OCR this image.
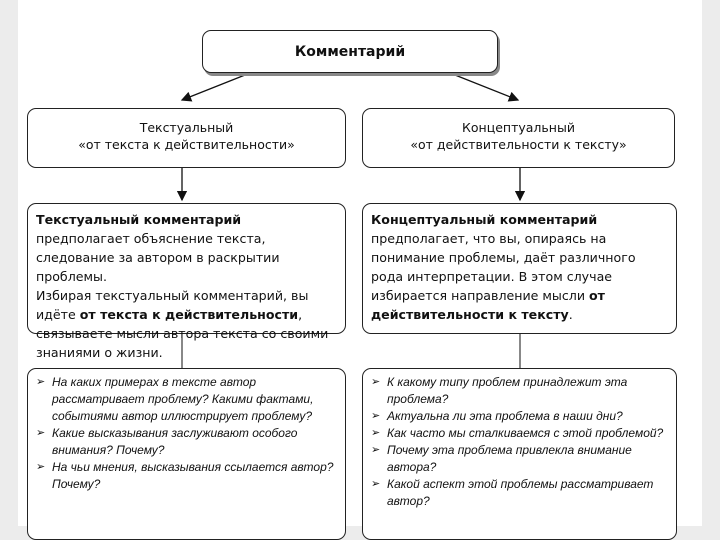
Комментарий
Текстуальный
«от текста к действительности»
Концептуальный
«от действительности к тексту»
Текстуальный комментарий предполагает объяснение текста, следование за автором в раскрытии проблемы.
Избирая текстуальный комментарий, вы идёте от текста к действительности, связываете мысли автора текста со своими знаниями о жизни.
Концептуальный комментарий предполагает, что вы, опираясь на понимание проблемы, даёт различного рода интерпретации. В этом случае избирается направление мысли от действительности к тексту.
➢ На каких примерах в тексте автор рассматривает проблему? Какими фактами, событиями автор иллюстрирует проблему?
➢ Какие высказывания заслуживают особого внимания? Почему?
➢ На чьи мнения, высказывания ссылается автор? Почему?
➢ К какому типу проблем принадлежит эта проблема?
➢ Актуальна ли эта проблема в наши дни?
➢ Как часто мы сталкиваемся с этой проблемой?
➢ Почему эта проблема привлекла внимание автора?
➢ Какой аспект этой проблемы рассматривает автор?
